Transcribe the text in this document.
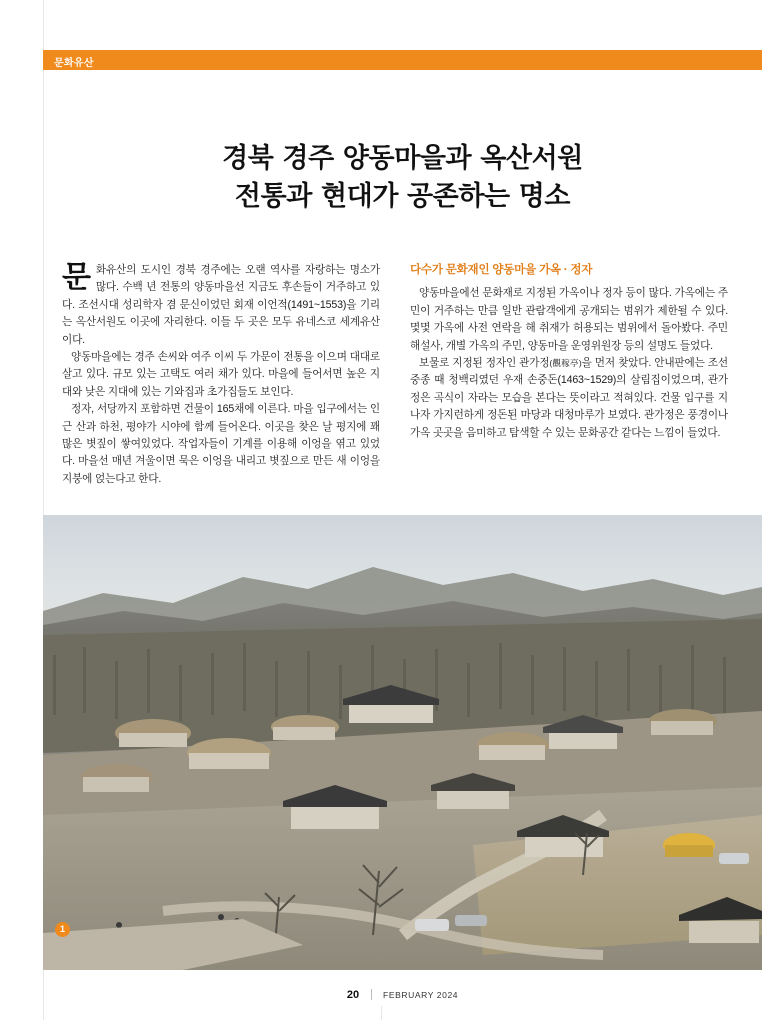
문화유산
경북 경주 양동마을과 옥산서원
전통과 현대가 공존하는 명소

문화유산의 도시인 경북 경주에는 오랜 역사를 자랑하는 명소가 많다. 수백 년 전통의 양동마을선 지금도 후손들이 거주하고 있다. 조선시대 성리학자 겸 문신이었던 회재 이언적(1491~1553)을 기리는 옥산서원도 이곳에 자리한다. 이들 두 곳은 모두 유네스코 세계유산이다.

양동마을에는 경주 손씨와 여주 이씨 두 가문이 전통을 이으며 대대로 살고 있다. 규모 있는 고택도 여러 채가 있다. 마을에 들어서면 높은 지대와 낮은 지대에 있는 기와집과 초가집들도 보인다.

정자, 서당까지 포함하면 건물이 165채에 이른다. 마을 입구에서는 인근 산과 하천, 평야가 시야에 함께 들어온다. 이곳을 찾은 날 평지에 꽤 많은 볏짚이 쌓여있었다. 작업자들이 기계를 이용해 이엉을 엮고 있었다. 마을선 매년 겨울이면 묵은 이엉을 내리고 볏짚으로 만든 새 이엉을 지붕에 얹는다고 한다.

다수가 문화재인 양동마을 가옥 · 정자

양동마을에선 문화재로 지정된 가옥이나 정자 등이 많다. 가옥에는 주민이 거주하는 만큼 일반 관람객에게 공개되는 범위가 제한될 수 있다. 몇몇 가옥에 사전 연락을 해 취재가 허용되는 범위에서 돌아봤다. 주민 해설사, 개별 가옥의 주민, 양동마을 운영위원장 등의 설명도 들었다.

보물로 지정된 정자인 관가정(觀稼亭)을 먼저 찾았다. 안내판에는 조선 중종 때 청백리였던 우재 손중돈(1463~1529)의 살림집이었으며, 관가정은 곡식이 자라는 모습을 본다는 뜻이라고 적혀있다. 건물 입구를 지나자 가지런하게 정돈된 마당과 대청마루가 보였다. 관가정은 풍경이나 가옥 곳곳을 음미하고 탐색할 수 있는 문화공간 같다는 느낌이 들었다.

1
20	FEBRUARY 2024
